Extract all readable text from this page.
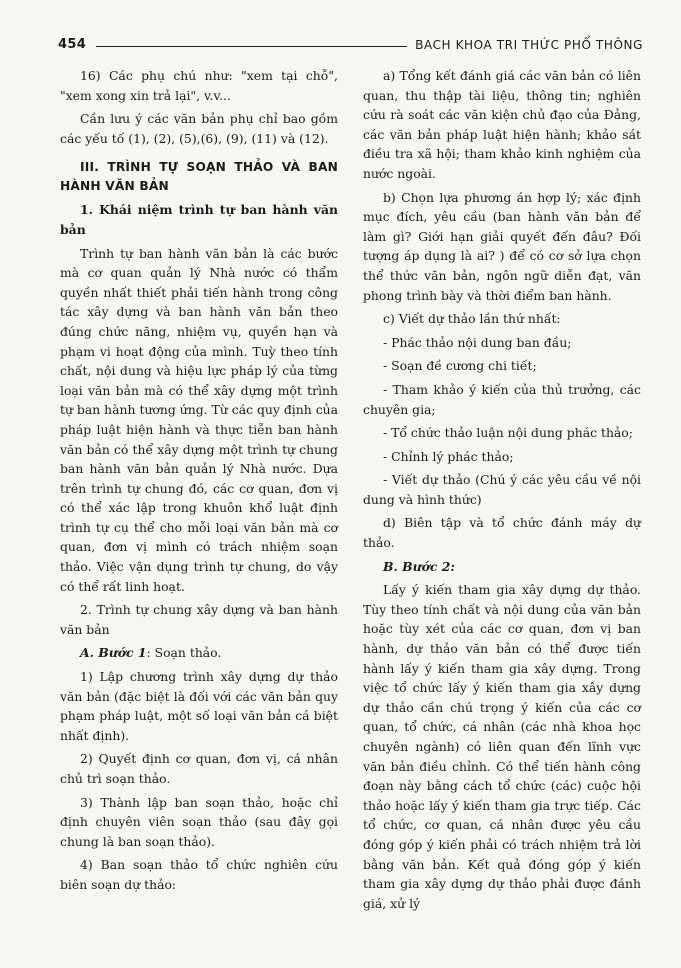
454	BACH KHOA TRI THỨC PHỔ THÔNG

16) Các phụ chú như: "xem tại chỗ", "xem xong xin trả lại", v.v...

Cần lưu ý các văn bản phụ chỉ bao gồm các yếu tố (1), (2), (5),(6), (9), (11) và (12).

III. TRÌNH TỰ SOẠN THẢO VÀ BAN HÀNH VĂN BẢN
1. Khái niệm trình tự ban hành văn bản

Trình tự ban hành văn bản là các bước mà cơ quan quản lý Nhà nước có thẩm quyền nhất thiết phải tiến hành trong công tác xây dựng và ban hành văn bản theo đúng chức năng, nhiệm vụ, quyền hạn và phạm vi hoạt động của mình. Tuỳ theo tính chất, nội dung và hiệu lực pháp lý của từng loại văn bản mà có thể xây dựng một trình tự ban hành tương ứng. Từ các quy định của pháp luật hiện hành và thực tiễn ban hành văn bản có thể xây dựng một trình tự chung ban hành văn bản quản lý Nhà nước. Dựa trên trình tự chung đó, các cơ quan, đơn vị có thể xác lập trong khuôn khổ luật định trình tự cụ thể cho mỗi loại văn bản mà cơ quan, đơn vị mình có trách nhiệm soạn thảo. Việc vận dụng trình tự chung, do vậy có thể rất linh hoạt.

2. Trình tự chung xây dựng và ban hành văn bản

A. Bước 1: Soạn thảo.

1) Lập chương trình xây dựng dự thảo văn bản (đặc biệt là đối với các văn bản quy phạm pháp luật, một số loại văn bản cá biệt nhất định).

2) Quyết định cơ quan, đơn vị, cá nhân chủ trì soạn thảo.

3) Thành lập ban soạn thảo, hoặc chỉ định chuyên viên soạn thảo (sau đây gọi chung là ban soạn thảo).

4) Ban soạn thảo tổ chức nghiên cứu biên soạn dự thảo:

a) Tổng kết đánh giá các văn bản có liên quan, thu thập tài liệu, thông tin; nghiên cứu rà soát các văn kiện chủ đạo của Đảng, các văn bản pháp luật hiện hành; khảo sát điều tra xã hội; tham khảo kinh nghiệm của nước ngoài.

b) Chọn lựa phương án hợp lý; xác định mục đích, yêu cầu (ban hành văn bản để làm gì? Giới hạn giải quyết đến đâu? Đối tượng áp dụng là ai? ) để có cơ sở lựa chọn thể thức văn bản, ngôn ngữ diễn đạt, văn phong trình bày và thời điểm ban hành.

c) Viết dự thảo lần thứ nhất:

- Phác thảo nội dung ban đầu;

- Soạn đề cương chi tiết;

- Tham khảo ý kiến của thủ trưởng, các chuyên gia;

- Tổ chức thảo luận nội dung phác thảo;

- Chỉnh lý phác thảo;

- Viết dự thảo (Chú ý các yêu cầu về nội dung và hình thức)

d) Biên tập và tổ chức đánh máy dự thảo.

B. Bước 2:

Lấy ý kiến tham gia xây dựng dự thảo. Tùy theo tính chất và nội dung của văn bản hoặc tùy xét của các cơ quan, đơn vị ban hành, dự thảo văn bản có thể được tiến hành lấy ý kiến tham gia xây dựng. Trong việc tổ chức lấy ý kiến tham gia xây dựng dự thảo cần chú trọng ý kiến của các cơ quan, tổ chức, cá nhân (các nhà khoa học chuyên ngành) có liên quan đến lĩnh vực văn bản điều chỉnh. Có thể tiến hành công đoạn này bằng cách tổ chức (các) cuộc hội thảo hoặc lấy ý kiến tham gia trực tiếp. Các tổ chức, cơ quan, cá nhân được yêu cầu đóng góp ý kiến phải có trách nhiệm trả lời bằng văn bản. Kết quả đóng góp ý kiến tham gia xây dựng dự thảo phải được đánh giá, xử lý
